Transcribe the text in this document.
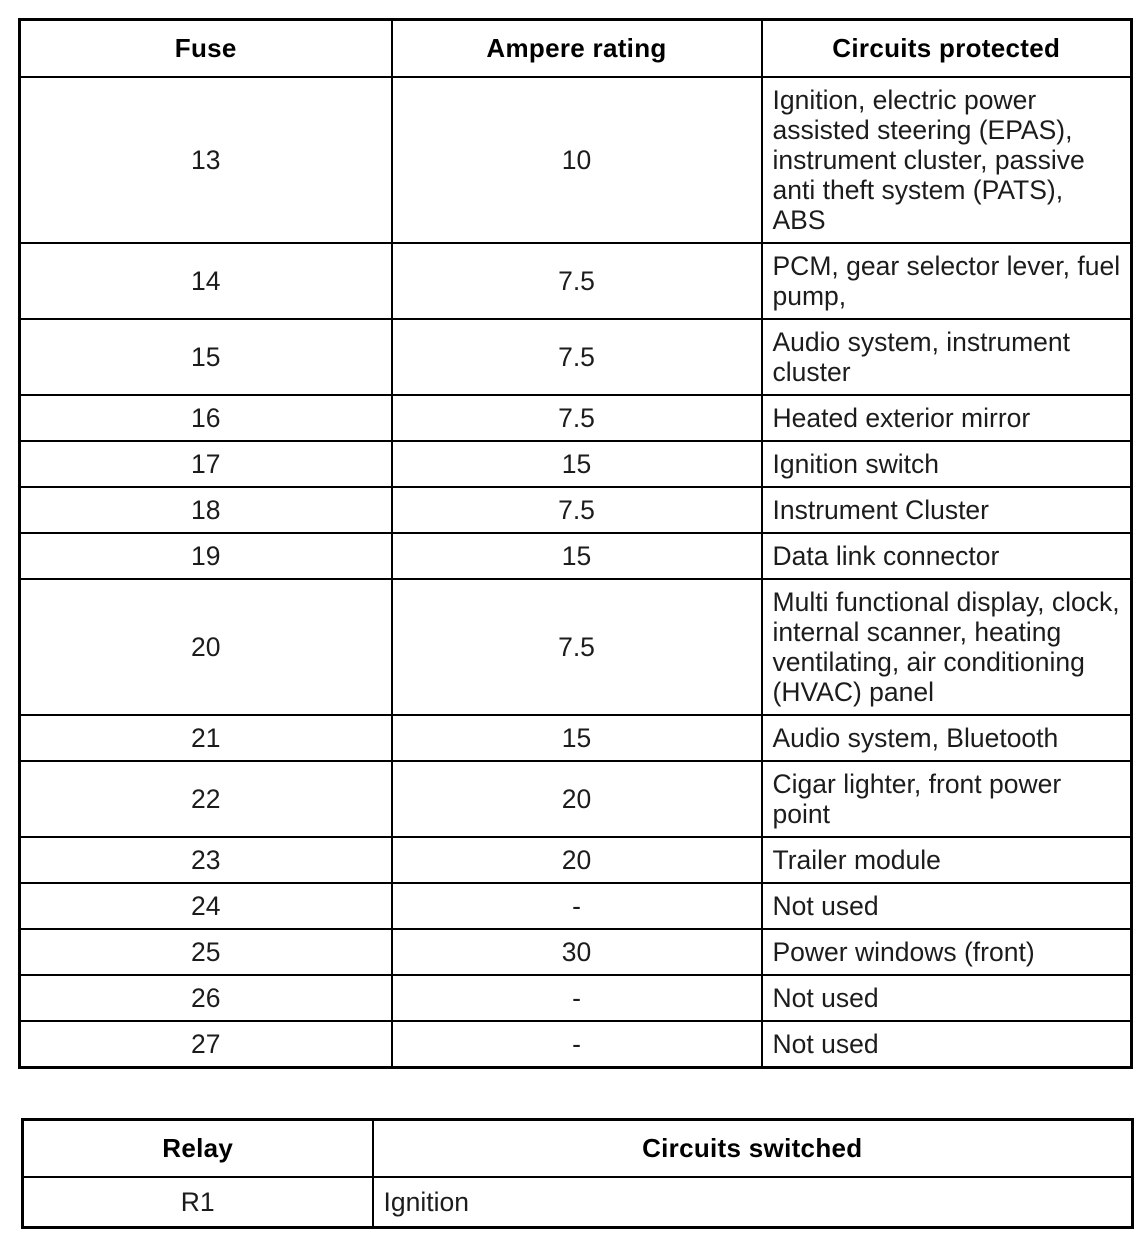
Fuse	Ampere rating	Circuits protected
13	10	Ignition, electric power assisted steering (EPAS), instrument cluster, passive anti theft system (PATS), ABS
14	7.5	PCM, gear selector lever, fuel pump,
15	7.5	Audio system, instrument cluster
16	7.5	Heated exterior mirror
17	15	Ignition switch
18	7.5	Instrument Cluster
19	15	Data link connector
20	7.5	Multi functional display, clock, internal scanner, heating ventilating, air conditioning (HVAC) panel
21	15	Audio system, Bluetooth
22	20	Cigar lighter, front power point
23	20	Trailer module
24	-	Not used
25	30	Power windows (front)
26	-	Not used
27	-	Not used
Relay	Circuits switched
R1	Ignition
